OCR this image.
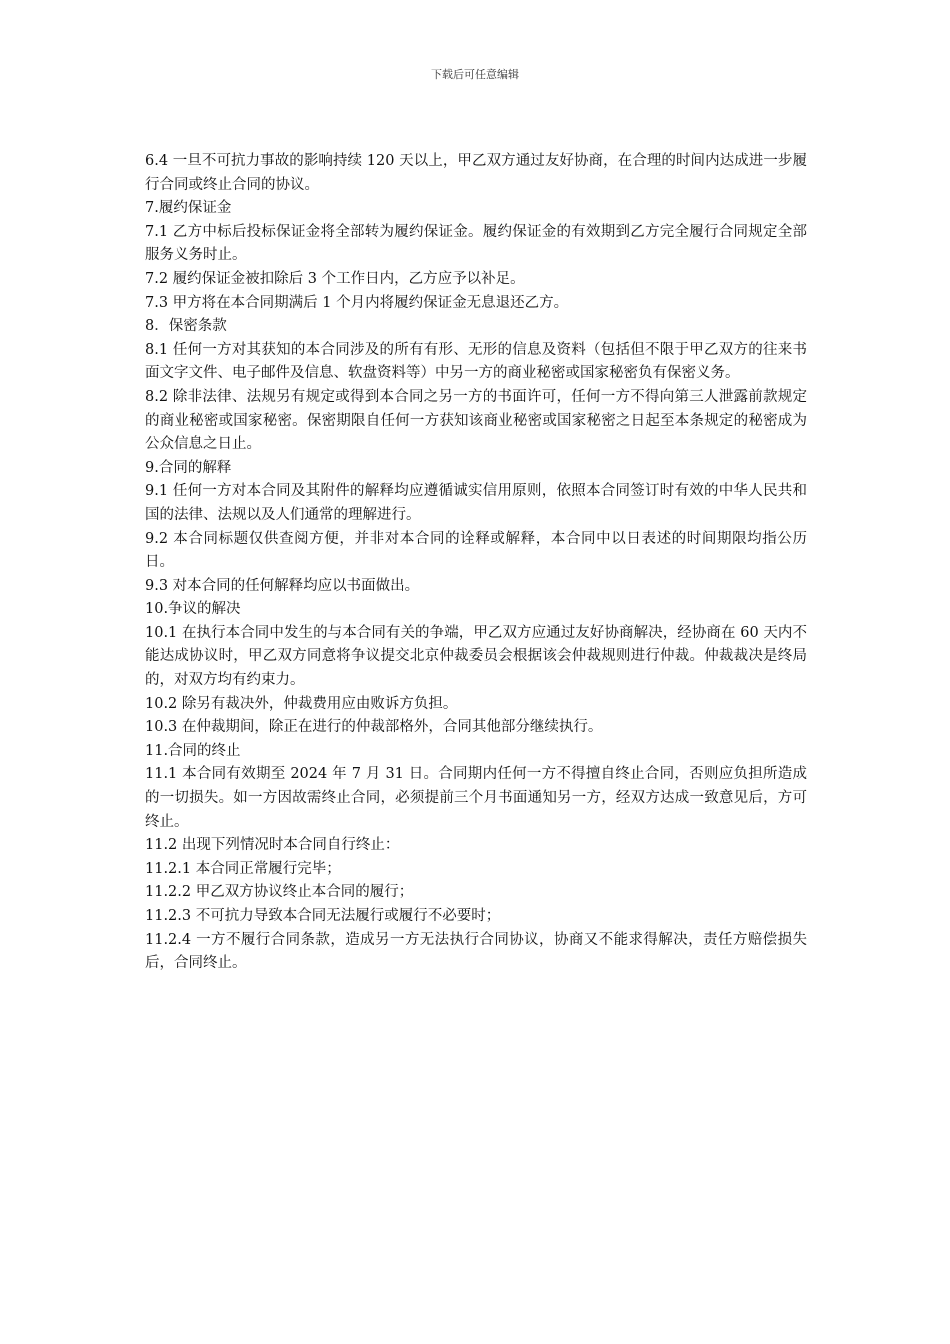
下载后可任意编辑

6.4 一旦不可抗力事故的影响持续 120 天以上，甲乙双方通过友好协商，在合理的时间内达成进一步履行合同或终止合同的协议。

7.履约保证金

7.1 乙方中标后投标保证金将全部转为履约保证金。履约保证金的有效期到乙方完全履行合同规定全部服务义务时止。

7.2 履约保证金被扣除后 3 个工作日内，乙方应予以补足。

7.3 甲方将在本合同期满后 1 个月内将履约保证金无息退还乙方。

8．保密条款

8.1 任何一方对其获知的本合同涉及的所有有形、无形的信息及资料（包括但不限于甲乙双方的往来书面文字文件、电子邮件及信息、软盘资料等）中另一方的商业秘密或国家秘密负有保密义务。

8.2 除非法律、法规另有规定或得到本合同之另一方的书面许可，任何一方不得向第三人泄露前款规定的商业秘密或国家秘密。保密期限自任何一方获知该商业秘密或国家秘密之日起至本条规定的秘密成为公众信息之日止。

9.合同的解释

9.1 任何一方对本合同及其附件的解释均应遵循诚实信用原则，依照本合同签订时有效的中华人民共和国的法律、法规以及人们通常的理解进行。

9.2 本合同标题仅供查阅方便，并非对本合同的诠释或解释，本合同中以日表述的时间期限均指公历日。

9.3 对本合同的任何解释均应以书面做出。

10.争议的解决

10.1 在执行本合同中发生的与本合同有关的争端，甲乙双方应通过友好协商解决，经协商在 60 天内不能达成协议时，甲乙双方同意将争议提交北京仲裁委员会根据该会仲裁规则进行仲裁。仲裁裁决是终局的，对双方均有约束力。

10.2 除另有裁决外，仲裁费用应由败诉方负担。

10.3 在仲裁期间，除正在进行的仲裁部格外，合同其他部分继续执行。

11.合同的终止

11.1 本合同有效期至 2024 年 7 月 31 日。合同期内任何一方不得擅自终止合同，否则应负担所造成的一切损失。如一方因故需终止合同，必须提前三个月书面通知另一方，经双方达成一致意见后，方可终止。

11.2 出现下列情况时本合同自行终止：

11.2.1 本合同正常履行完毕；

11.2.2 甲乙双方协议终止本合同的履行；

11.2.3 不可抗力导致本合同无法履行或履行不必要时；

11.2.4 一方不履行合同条款，造成另一方无法执行合同协议，协商又不能求得解决，责任方赔偿损失后，合同终止。
